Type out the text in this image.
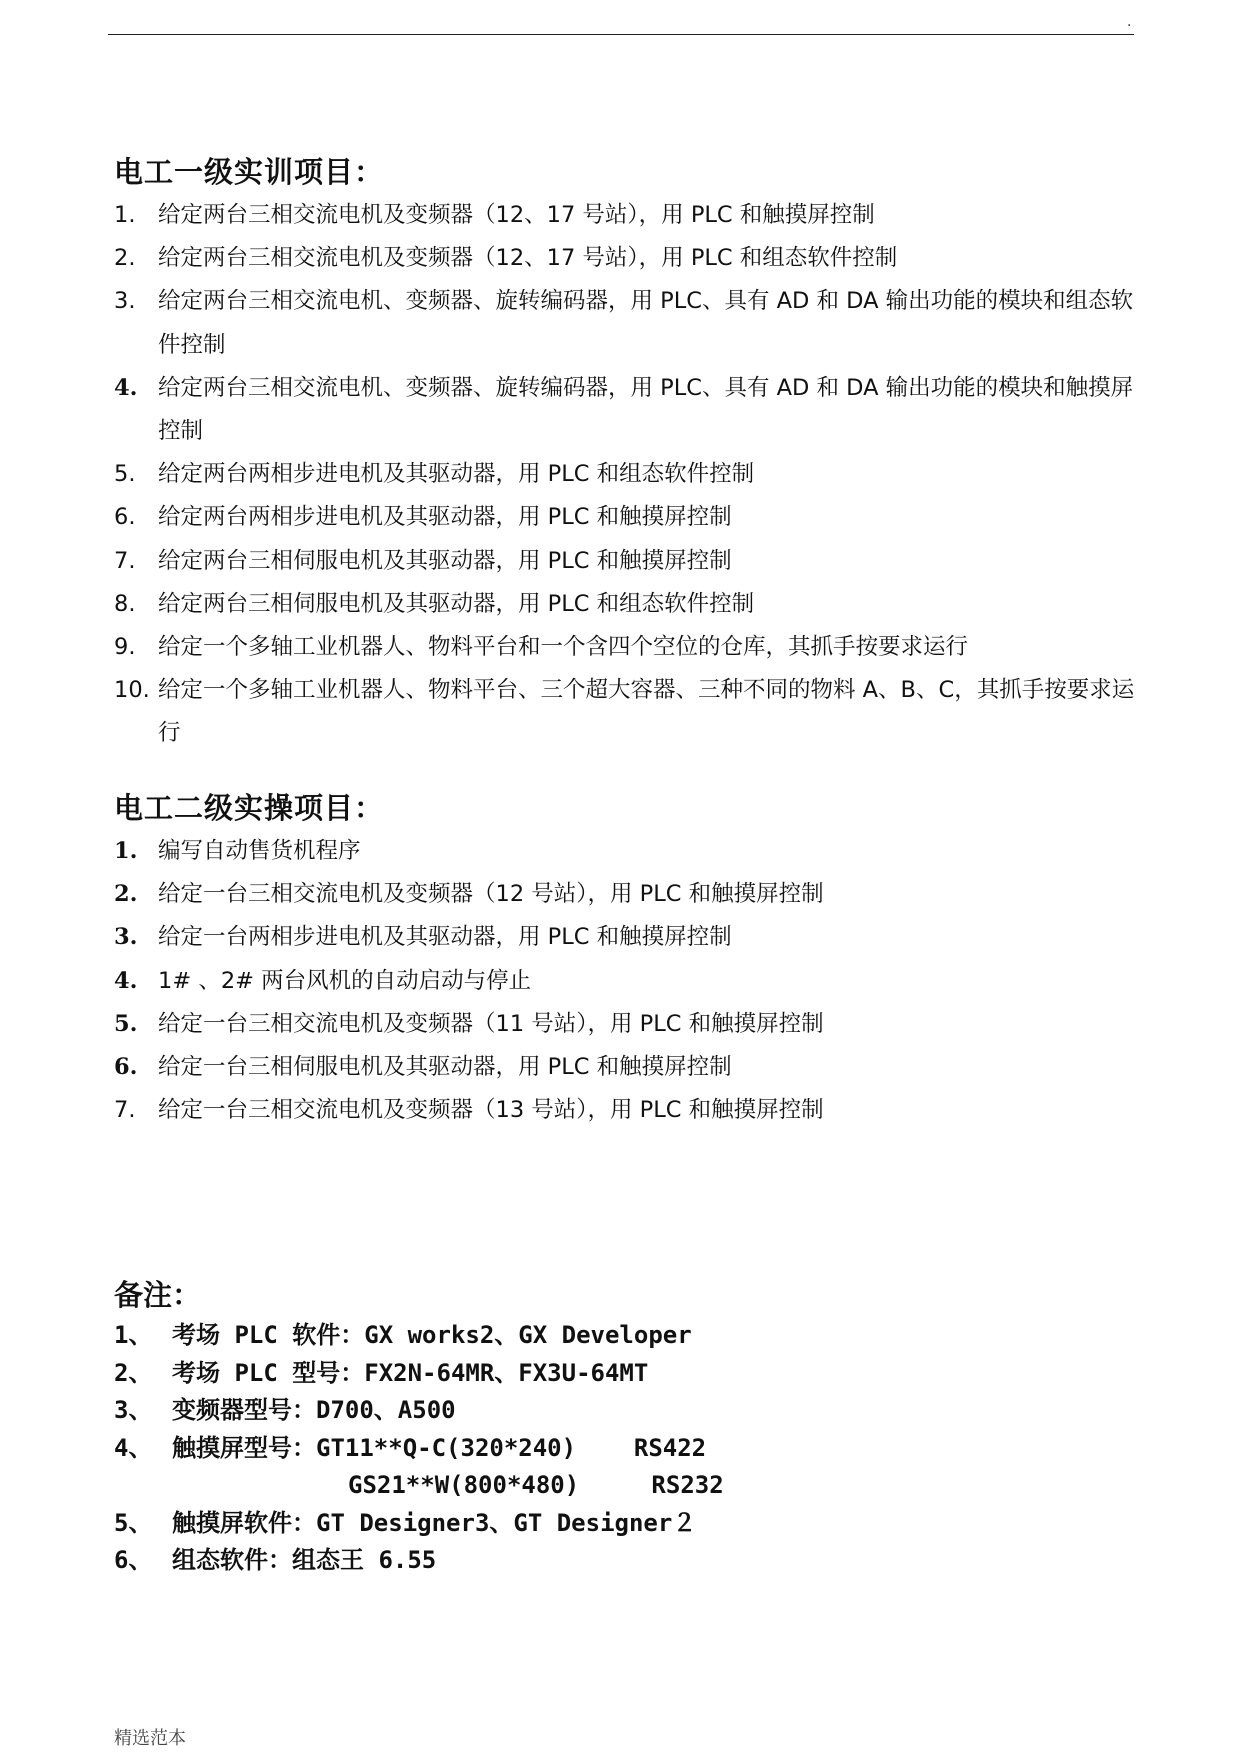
.
电工一级实训项目：
1. 给定两台三相交流电机及变频器（12、17 号站），用 PLC 和触摸屏控制
2. 给定两台三相交流电机及变频器（12、17 号站），用 PLC 和组态软件控制
3. 给定两台三相交流电机、变频器、旋转编码器，用 PLC、具有 AD 和 DA 输出功能的模块和组态软件控制
4. 给定两台三相交流电机、变频器、旋转编码器，用 PLC、具有 AD 和 DA 输出功能的模块和触摸屏控制
5. 给定两台两相步进电机及其驱动器，用 PLC 和组态软件控制
6. 给定两台两相步进电机及其驱动器，用 PLC 和触摸屏控制
7. 给定两台三相伺服电机及其驱动器，用 PLC 和触摸屏控制
8. 给定两台三相伺服电机及其驱动器，用 PLC 和组态软件控制
9. 给定一个多轴工业机器人、物料平台和一个含四个空位的仓库，其抓手按要求运行
10. 给定一个多轴工业机器人、物料平台、三个超大容器、三种不同的物料 A、B、C，其抓手按要求运行
电工二级实操项目：
1. 编写自动售货机程序
2. 给定一台三相交流电机及变频器（12 号站），用 PLC 和触摸屏控制
3. 给定一台两相步进电机及其驱动器，用 PLC 和触摸屏控制
4. 1# 、2# 两台风机的自动启动与停止
5. 给定一台三相交流电机及变频器（11 号站），用 PLC 和触摸屏控制
6. 给定一台三相伺服电机及其驱动器，用 PLC 和触摸屏控制
7. 给定一台三相交流电机及变频器（13 号站），用 PLC 和触摸屏控制
备注：
1、 考场 PLC 软件：GX works2、GX Developer
2、 考场 PLC 型号：FX2N-64MR、FX3U-64MT
3、 变频器型号：D700、A500
4、 触摸屏型号：GT11**Q-C(320*240)    RS422
GS21**W(800*480)     RS232
5、 触摸屏软件：GT Designer3、GT Designer２
6、 组态软件：组态王 6.55
精选范本
